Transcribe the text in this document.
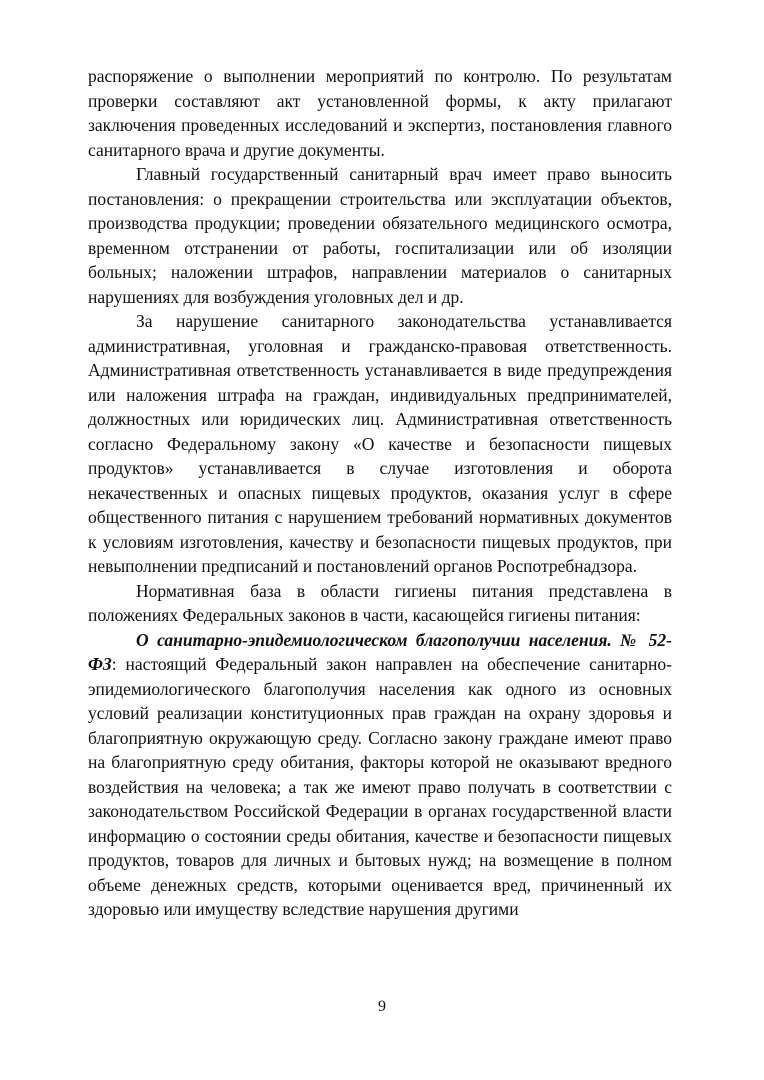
распоряжение о выполнении мероприятий по контролю. По результатам проверки составляют акт установленной формы, к акту прилагают заключения проведенных исследований и экспертиз, постановления главного санитарного врача и другие документы.

Главный государственный санитарный врач имеет право выносить постановления: о прекращении строительства или эксплуатации объектов, производства продукции; проведении обязательного медицинского осмотра, временном отстранении от работы, госпитализации или об изоляции больных; наложении штрафов, направлении материалов о санитарных нарушениях для возбуждения уголовных дел и др.

За нарушение санитарного законодательства устанавливается административная, уголовная и гражданско-правовая ответственность. Административная ответственность устанавливается в виде предупреждения или наложения штрафа на граждан, индивидуальных предпринимателей, должностных или юридических лиц. Административная ответственность согласно Федеральному закону «О качестве и безопасности пищевых продуктов» устанавливается в случае изготовления и оборота некачественных и опасных пищевых продуктов, оказания услуг в сфере общественного питания с нарушением требований нормативных документов к условиям изготовления, качеству и безопасности пищевых продуктов, при невыполнении предписаний и постановлений органов Роспотребнадзора.

Нормативная база в области гигиены питания представлена в положениях Федеральных законов в части, касающейся гигиены питания:

О санитарно-эпидемиологическом благополучии населения. № 52-ФЗ: настоящий Федеральный закон направлен на обеспечение санитарно-эпидемиологического благополучия населения как одного из основных условий реализации конституционных прав граждан на охрану здоровья и благоприятную окружающую среду. Согласно закону граждане имеют право на благоприятную среду обитания, факторы которой не оказывают вредного воздействия на человека; а так же имеют право получать в соответствии с законодательством Российской Федерации в органах государственной власти информацию о состоянии среды обитания, качестве и безопасности пищевых продуктов, товаров для личных и бытовых нужд; на возмещение в полном объеме денежных средств, которыми оценивается вред, причиненный их здоровью или имуществу вследствие нарушения другими

9
